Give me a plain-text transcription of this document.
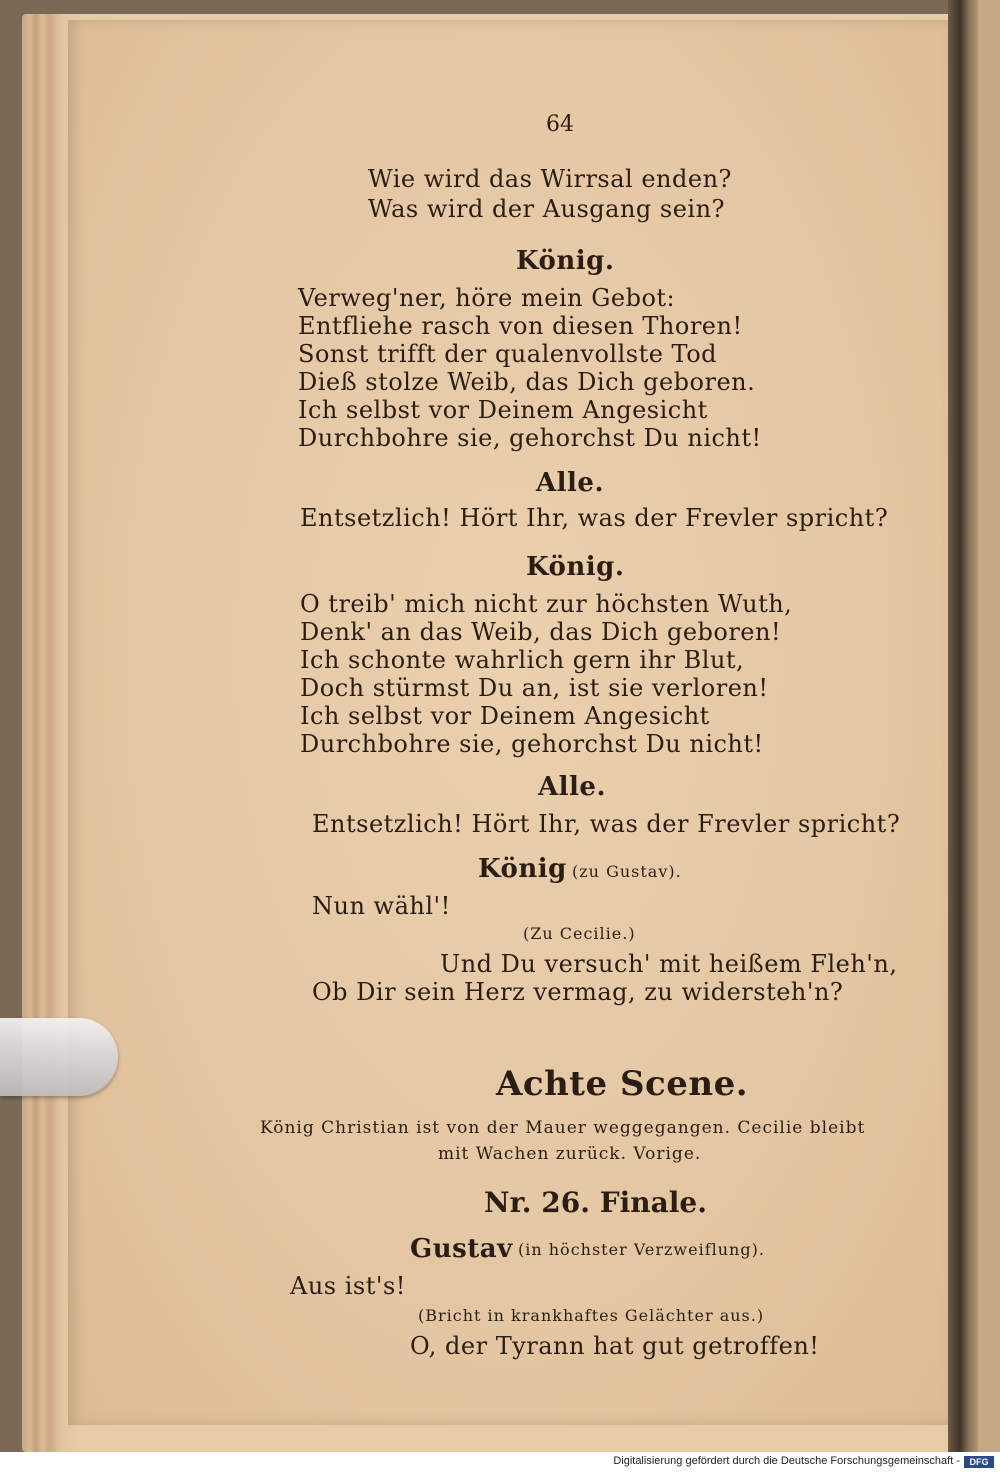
64
Wie wird das Wirrsal enden?
Was wird der Ausgang sein?
König.
Verweg'ner, höre mein Gebot:
Entfliehe rasch von diesen Thoren!
Sonst trifft der qualenvollste Tod
Dieß stolze Weib, das Dich geboren.
Ich selbst vor Deinem Angesicht
Durchbohre sie, gehorchst Du nicht!
Alle.
Entsetzlich! Hört Ihr, was der Frevler spricht?
König.
O treib' mich nicht zur höchsten Wuth,
Denk' an das Weib, das Dich geboren!
Ich schonte wahrlich gern ihr Blut,
Doch stürmst Du an, ist sie verloren!
Ich selbst vor Deinem Angesicht
Durchbohre sie, gehorchst Du nicht!
Alle.
Entsetzlich! Hört Ihr, was der Frevler spricht?
König (zu Gustav).
Nun wähl'!
(Zu Cecilie.)
Und Du versuch' mit heißem Fleh'n,
Ob Dir sein Herz vermag, zu widersteh'n?
Achte Scene.
König Christian ist von der Mauer weggegangen. Cecilie bleibt
mit Wachen zurück. Vorige.
Nr. 26. Finale.
Gustav (in höchster Verzweiflung).
Aus ist's!
(Bricht in krankhaftes Gelächter aus.)
O, der Tyrann hat gut getroffen!
Digitalisierung gefördert durch die Deutsche Forschungsgemeinschaft -	DFG
